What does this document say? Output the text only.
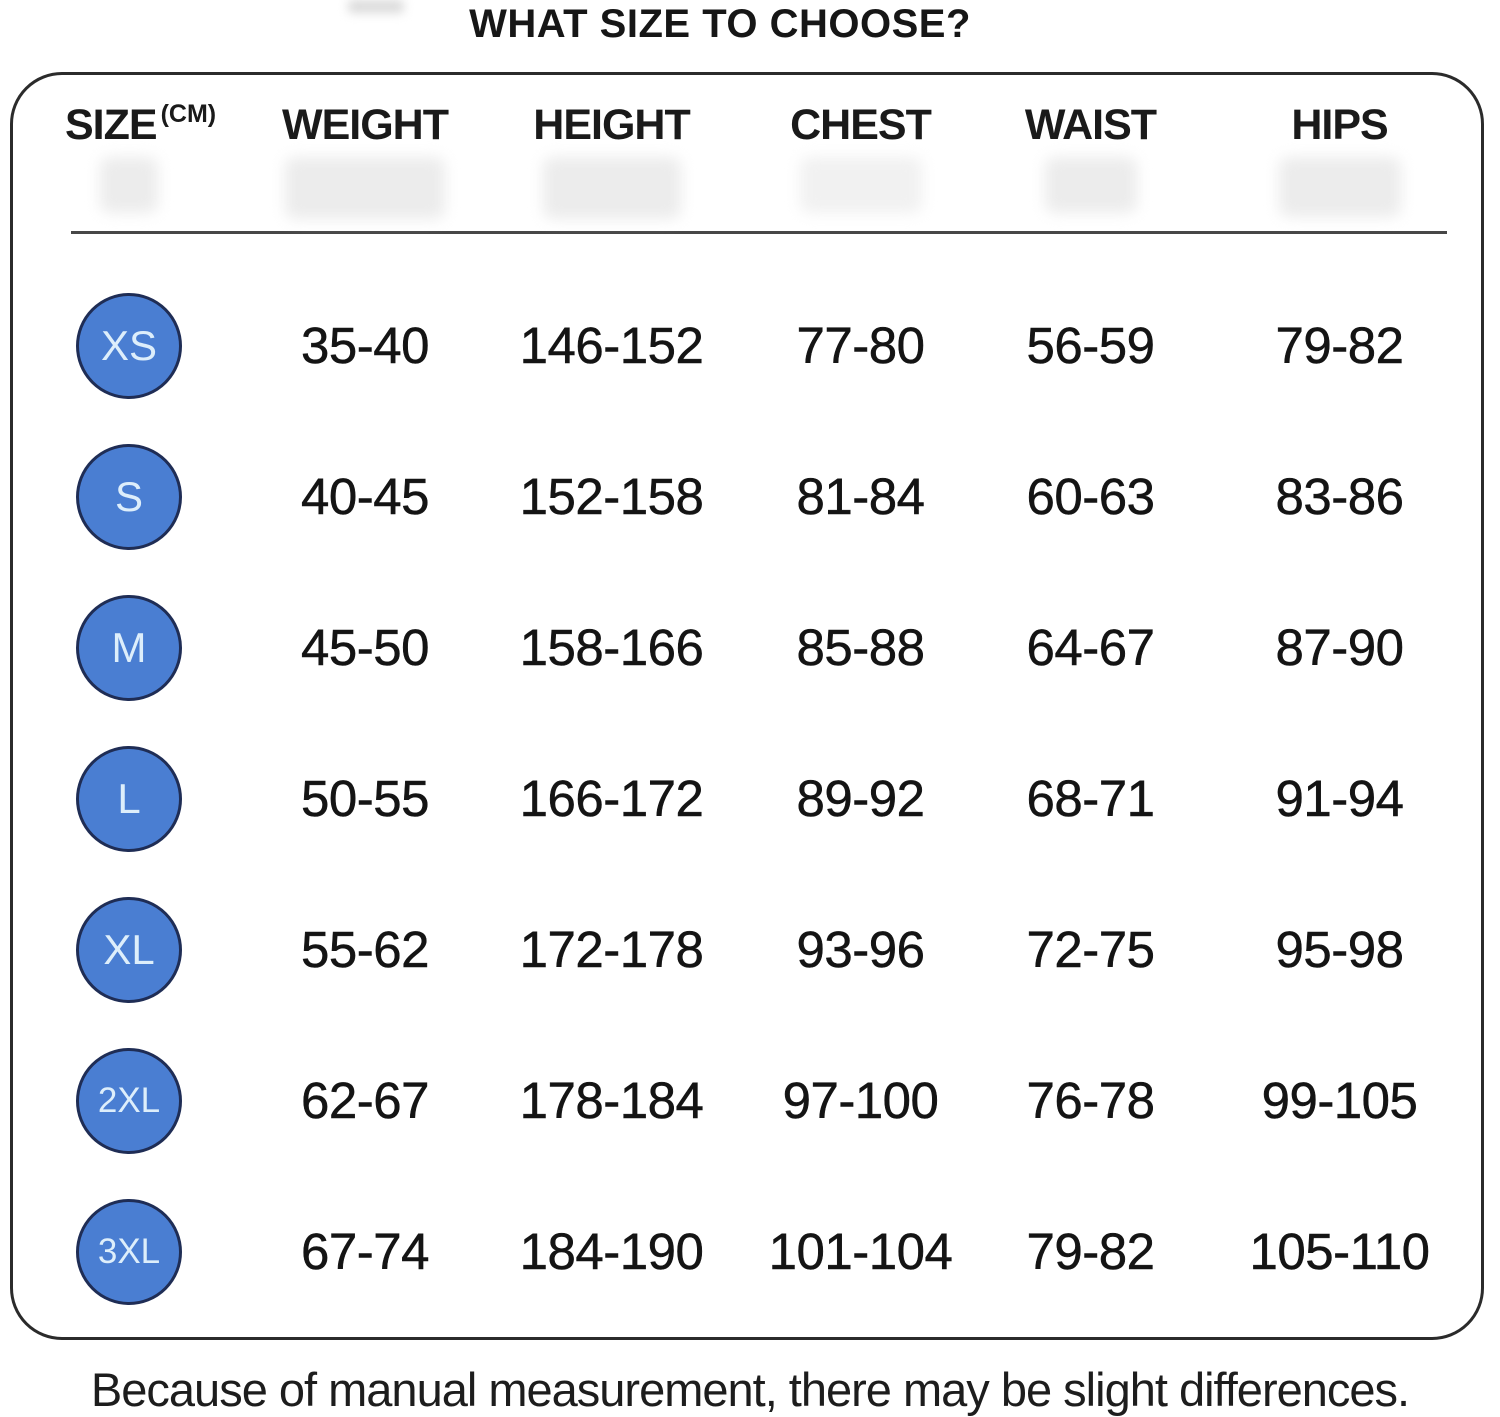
WHAT SIZE TO CHOOSE?
SIZE (CM)	WEIGHT	HEIGHT	CHEST	WAIST	HIPS
XS	35-40	146-152	77-80	56-59	79-82
S	40-45	152-158	81-84	60-63	83-86
M	45-50	158-166	85-88	64-67	87-90
L	50-55	166-172	89-92	68-71	91-94
XL	55-62	172-178	93-96	72-75	95-98
2XL	62-67	178-184	97-100	76-78	99-105
3XL	67-74	184-190	101-104	79-82	105-110
Because of manual measurement, there may be slight differences.
